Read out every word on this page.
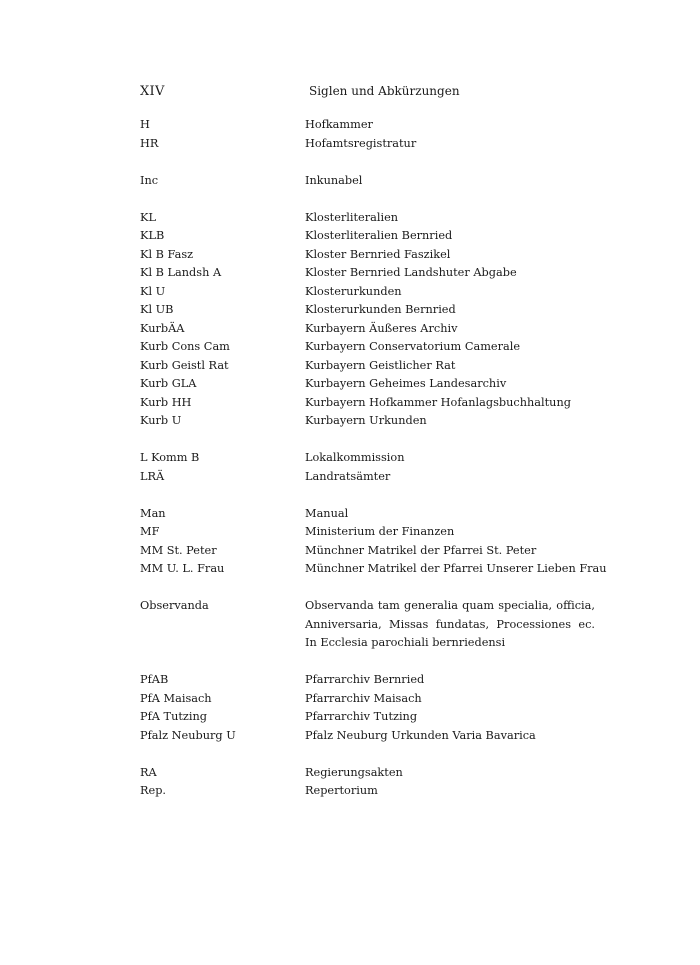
XIV	Siglen und Abkürzungen
H	Hofkammer
HR	Hofamtsregistratur
Inc	Inkunabel
KL	Klosterliteralien
KLB	Klosterliteralien Bernried
Kl B Fasz	Kloster Bernried Faszikel
Kl B Landsh A	Kloster Bernried Landshuter Abgabe
Kl U	Klosterurkunden
Kl UB	Klosterurkunden Bernried
KurbÄA	Kurbayern Äußeres Archiv
Kurb Cons Cam	Kurbayern Conservatorium Camerale
Kurb Geistl Rat	Kurbayern Geistlicher Rat
Kurb GLA	Kurbayern Geheimes Landesarchiv
Kurb HH	Kurbayern Hofkammer Hofanlagsbuchhaltung
Kurb U	Kurbayern Urkunden
L Komm B	Lokalkommission
LRÄ	Landratsämter
Man	Manual
MF	Ministerium der Finanzen
MM St. Peter	Münchner Matrikel der Pfarrei St. Peter
MM U. L. Frau	Münchner Matrikel der Pfarrei Unserer Lieben Frau
Observanda	Observanda tam generalia quam specialia, officia, Anniversaria, Missas fundatas, Processiones ec. In Ecclesia parochiali bernriedensi
PfAB	Pfarrarchiv Bernried
PfA Maisach	Pfarrarchiv Maisach
PfA Tutzing	Pfarrarchiv Tutzing
Pfalz Neuburg U	Pfalz Neuburg Urkunden Varia Bavarica
RA	Regierungsakten
Rep.	Repertorium
